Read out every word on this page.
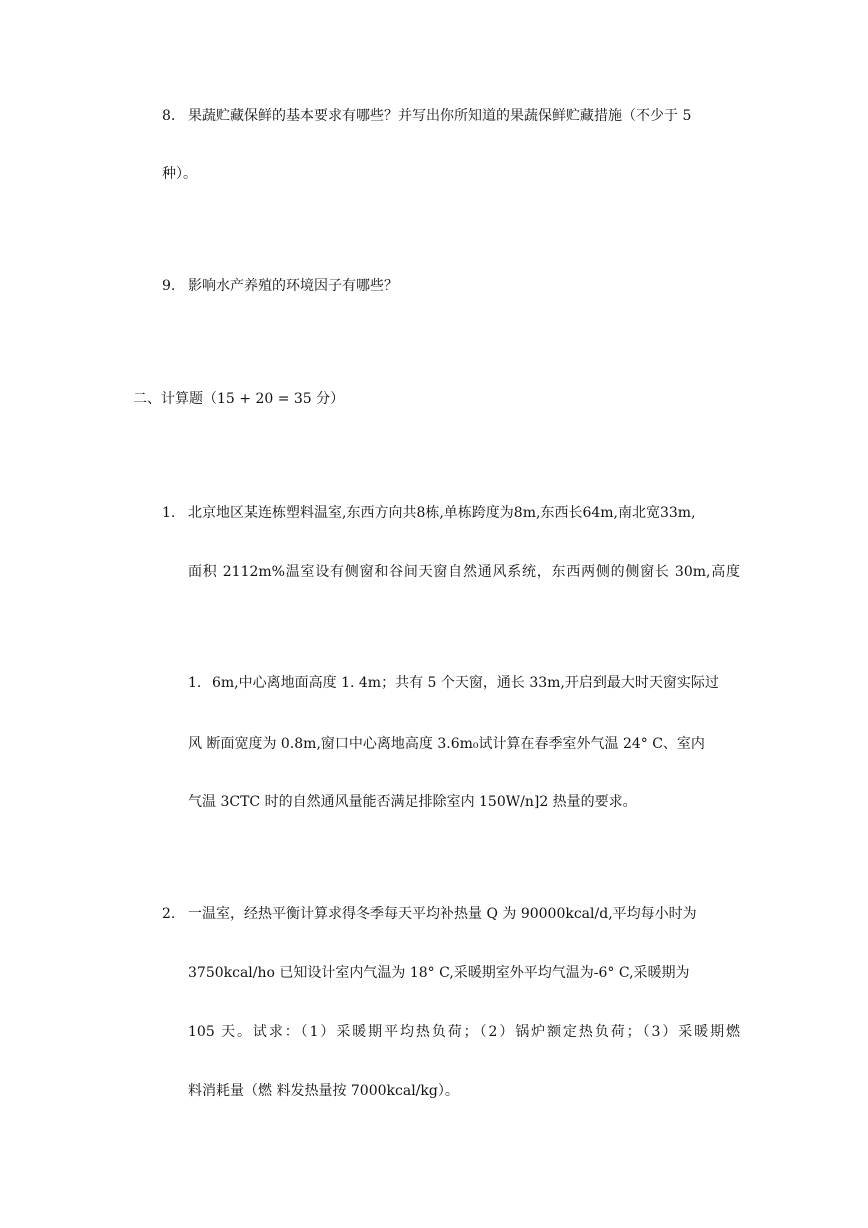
8. 果蔬贮藏保鲜的基本要求有哪些？并写出你所知道的果蔬保鲜贮藏措施（不少于 5
种）。
9. 影响水产养殖的环境因子有哪些？
二、计算题（15 + 20 = 35 分）
1. 北京地区某连栋塑料温室,东西方向共8栋,单栋跨度为8m,东西长64m,南北宽33m,
面积 2112m%温室设有侧窗和谷间天窗自然通风系统，东西两侧的侧窗长 30m,高度
1. 6m,中心离地面高度 1. 4m；共有 5 个天窗，通长 33m,开启到最大时天窗实际过
风 断面宽度为 0.8m,窗口中心离地高度 3.6m₀试计算在春季室外气温 24° C、室内
气温 3CTC 时的自然通风量能否满足排除室内 150W/n]2 热量的要求。
2. 一温室，经热平衡计算求得冬季每天平均补热量 Q 为 90000kcal/d,平均每小时为
3750kcal/ho 已知设计室内气温为 18° C,采暖期室外平均气温为-6° C,采暖期为
105 天。试求：（1）采暖期平均热负荷；（2）锅炉额定热负荷；（3）采暖期燃
料消耗量（燃 料发热量按 7000kcal/kg）。
